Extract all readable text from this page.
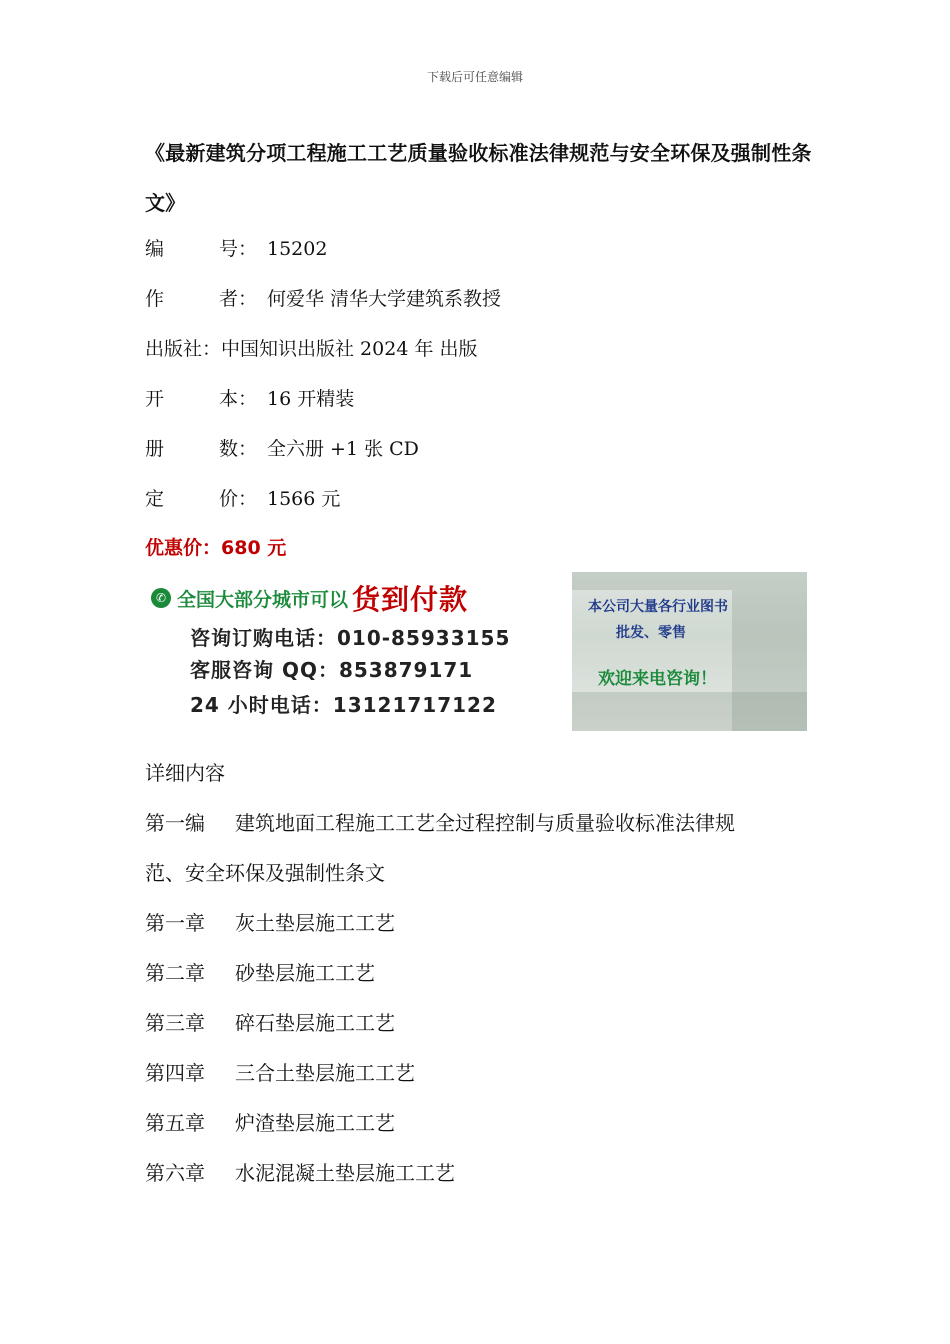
下载后可任意编辑
《最新建筑分项工程施工工艺质量验收标准法律规范与安全环保及强制性条文》
编	号： 15202
作	者： 何爱华 清华大学建筑系教授
出版社：中国知识出版社 2024 年 出版
开	本： 16 开精装
册	数： 全六册 +1 张 CD
定	价： 1566 元
优惠价：680 元
✆ 全国大部分城市可以 货到付款
咨询订购电话：010-85933155
客服咨询 QQ：853879171
24 小时电话：13121717122
本公司大量各行业图书
批发、零售
欢迎来电咨询！
详细内容
第一编 建筑地面工程施工工艺全过程控制与质量验收标准法律规
范、安全环保及强制性条文
第一章 灰土垫层施工工艺
第二章 砂垫层施工工艺
第三章 碎石垫层施工工艺
第四章 三合土垫层施工工艺
第五章 炉渣垫层施工工艺
第六章 水泥混凝土垫层施工工艺
